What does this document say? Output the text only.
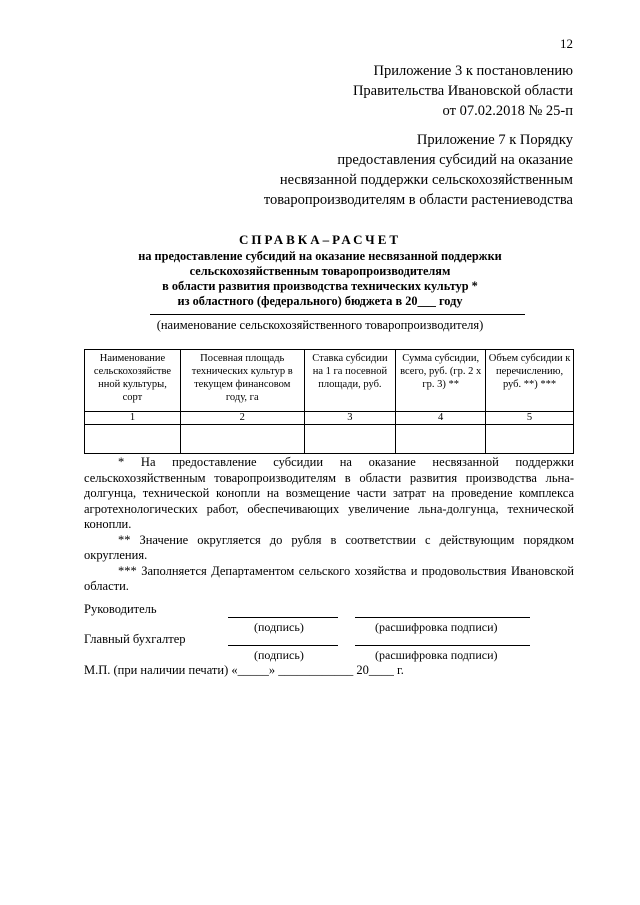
12
Приложение 3 к постановлению
Правительства Ивановской области
от 07.02.2018 № 25-п
Приложение 7 к Порядку
предоставления субсидий на оказание
несвязанной поддержки сельскохозяйственным
товаропроизводителям в области растениеводства
СПРАВКА–РАСЧЕТ
на предоставление субсидий на оказание несвязанной поддержки
сельскохозяйственным товаропроизводителям
в области развития производства технических культур *
из областного (федерального) бюджета в 20___ году
(наименование сельскохозяйственного товаропроизводителя)
Наименование сельскохозяйстве нной культуры, сорт	Посевная площадь технических культур в текущем финансовом году, га	Ставка субсидии на 1 га посевной площади, руб.	Сумма субсидии, всего, руб. (гр. 2 х гр. 3) **	Объем субсидии к перечислению, руб. **) ***
1	2	3	4	5

* На предоставление субсидии на оказание несвязанной поддержки сельскохозяйственным товаропроизводителям в области развития производства льна-долгунца, технической конопли на возмещение части затрат на проведение комплекса агротехнологических работ, обеспечивающих увеличение льна-долгунца, технической конопли.

** Значение округляется до рубля в соответствии с действующим порядком округления.

*** Заполняется Департаментом сельского хозяйства и продовольствия Ивановской области.

Руководитель
(подпись)	(расшифровка подписи)
Главный бухгалтер
(подпись)	(расшифровка подписи)
М.П. (при наличии печати) «_____» ____________ 20____ г.
